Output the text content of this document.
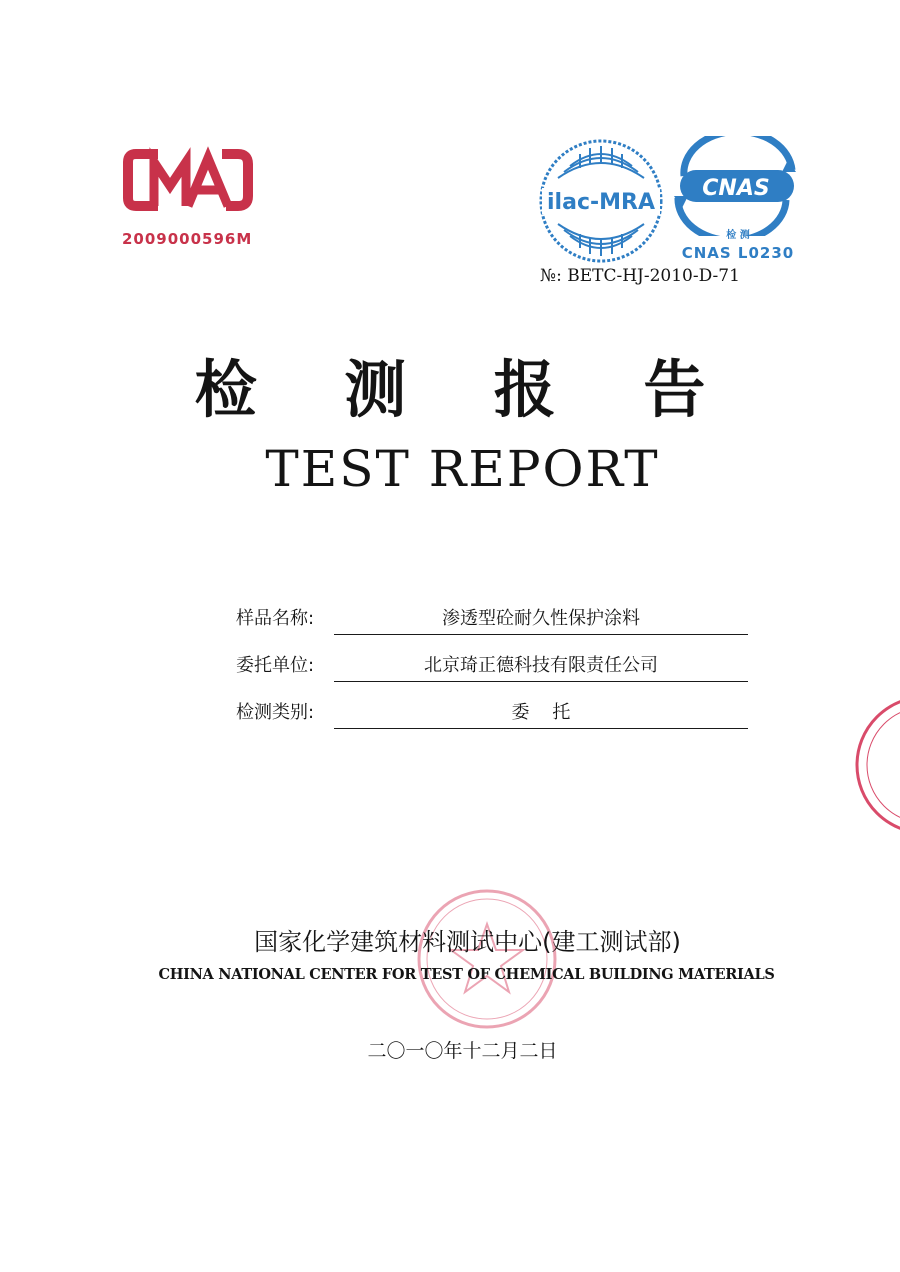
2009000596M
ilac-MRA
CNAS
检 测
CNAS L0230
№: BETC-HJ-2010-D-71
检 测 报 告
TEST REPORT
样品名称:	渗透型砼耐久性保护涂料
委托单位:	北京琦正德科技有限责任公司
检测类别:	委    托
国家化学建筑材料测试中心(建工测试部)
CHINA NATIONAL CENTER FOR TEST OF CHEMICAL BUILDING MATERIALS
二〇一〇年十二月二日
